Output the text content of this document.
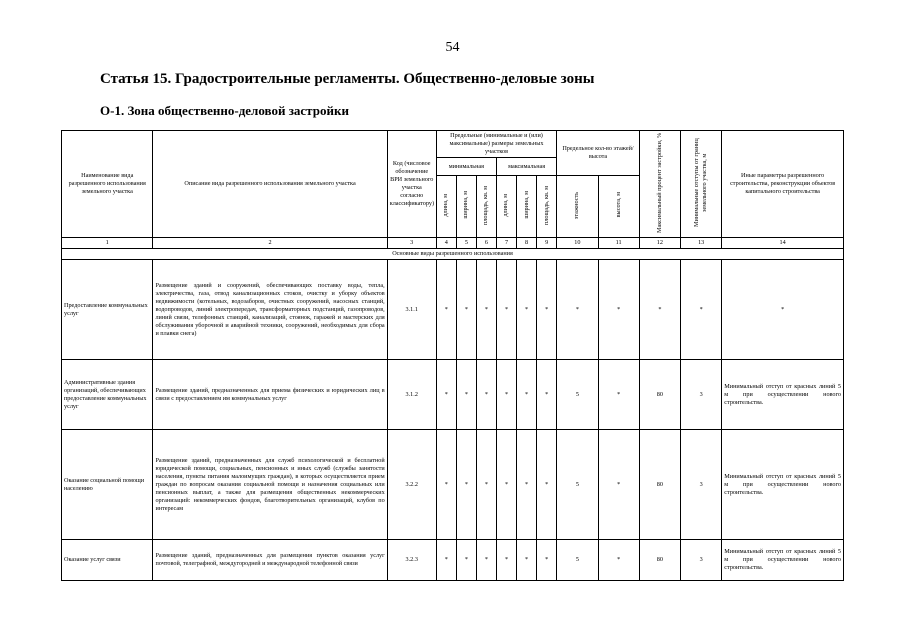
54
Статья 15. Градостроительные регламенты. Общественно-деловые зоны
О-1. Зона общественно-деловой застройки
Наименование вида разрешенного использования земельного участка	Описание вида разрешенного использования земельного участка	Код (числовое обозначение ВРИ земельного участка согласно классификатору)	Предельные (минимальные и (или) максимальные) размеры земельных участков						Предельное кол-во этажей/ высота		Максимальный процент застройки, %	Минимальные отступы от границ земельного участка, м	Иные параметры разрешенного строительства, реконструкции объектов капитального строительства
			минимальная			максимальная							
			длина, м	ширина, м	площадь, кв. м	длина, м	ширина, м	площадь, кв. м	этажность	высота, м			
1	2	3	4	5	6	7	8	9	10	11	12	13	14
Основные виды разрешенного использования													
Предоставление коммунальных услуг	Размещение зданий и сооружений, обеспечивающих поставку воды, тепла, электричества, газа, отвод канализационных стоков, очистку и уборку объектов недвижимости (котельных, водозаборов, очистных сооружений, насосных станций, водопроводов, линий электропередач, трансформаторных подстанций, газопроводов, линий связи, телефонных станций, канализаций, стоянок, гаражей и мастерских для обслуживания уборочной и аварийной техники, сооружений, необходимых для сбора и плавки снега)	3.1.1	*	*	*	*	*	*	*	*	*	*	*
Административные здания организаций, обеспечивающих предоставление коммунальных услуг	Размещение зданий, предназначенных для приема физических и юридических лиц в связи с предоставлением им коммунальных услуг	3.1.2	*	*	*	*	*	*	5	*	80	3	Минимальный отступ от красных линий 5 м при осуществлении нового строительства.
Оказание социальной помощи населению	Размещение зданий, предназначенных для служб психологической и бесплатной юридической помощи, социальных, пенсионных и иных служб (службы занятости населения, пункты питания малоимущих граждан), в которых осуществляется прием граждан по вопросам оказания социальной помощи и назначения социальных или пенсионных выплат, а также для размещения общественных некоммерческих организаций: некоммерческих фондов, благотворительных организаций, клубов по интересам	3.2.2	*	*	*	*	*	*	5	*	80	3	Минимальный отступ от красных линий 5 м при осуществлении нового строительства.
Оказание услуг связи	Размещение зданий, предназначенных для размещения пунктов оказания услуг почтовой, телеграфной, междугородней и международной телефонной связи	3.2.3	*	*	*	*	*	*	5	*	80	3	Минимальный отступ от красных линий 5 м при осуществлении нового строительства.
